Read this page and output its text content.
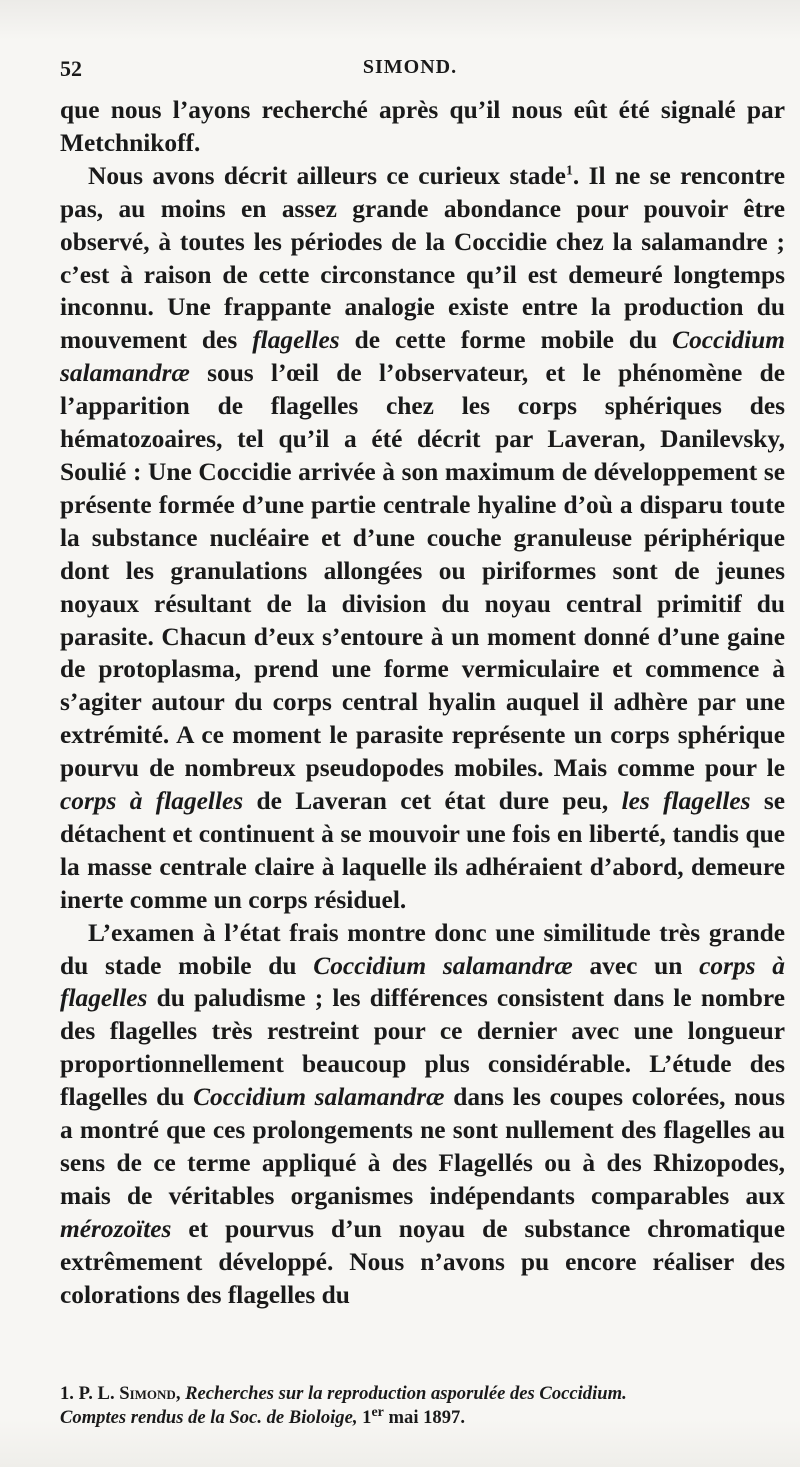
52	SIMOND.

que nous l’ayons recherché après qu’il nous eût été signalé par Metchnikoff.

Nous avons décrit ailleurs ce curieux stade$^1$. Il ne se rencontre pas, au moins en assez grande abondance pour pouvoir être observé, à toutes les périodes de la Coccidie chez la salamandre ; c’est à raison de cette circonstance qu’il est demeuré longtemps inconnu. Une frappante analogie existe entre la production du mouvement des flagelles de cette forme mobile du Coccidium salamandræ sous l’œil de l’observateur, et le phénomène de l’apparition de flagelles chez les corps sphériques des hématozoaires, tel qu’il a été décrit par Laveran, Danilevsky, Soulié : Une Coccidie arrivée à son maximum de développement se présente formée d’une partie centrale hyaline d’où a disparu toute la substance nucléaire et d’une couche granuleuse périphérique dont les granulations allongées ou piriformes sont de jeunes noyaux résultant de la division du noyau central primitif du parasite. Chacun d’eux s’entoure à un moment donné d’une gaine de protoplasma, prend une forme vermiculaire et commence à s’agiter autour du corps central hyalin auquel il adhère par une extrémité. A ce moment le parasite représente un corps sphérique pourvu de nombreux pseudopodes mobiles. Mais comme pour le corps à flagelles de Laveran cet état dure peu, les flagelles se détachent et continuent à se mouvoir une fois en liberté, tandis que la masse centrale claire à laquelle ils adhéraient d’abord, demeure inerte comme un corps résiduel.

L’examen à l’état frais montre donc une similitude très grande du stade mobile du Coccidium salamandræ avec un corps à flagelles du paludisme ; les différences consistent dans le nombre des flagelles très restreint pour ce dernier avec une longueur proportionnellement beaucoup plus considérable. L’étude des flagelles du Coccidium salamandræ dans les coupes colorées, nous a montré que ces prolongements ne sont nullement des flagelles au sens de ce terme appliqué à des Flagellés ou à des Rhizopodes, mais de véritables organismes indépendants comparables aux mérozoïtes et pourvus d’un noyau de substance chromatique extrêmement développé. Nous n’avons pu encore réaliser des colorations des flagelles du

1. P. L. Simond, Recherches sur la reproduction asporulée des Coccidium.
Comptes rendus de la Soc. de Bioloige, 1er mai 1897.
